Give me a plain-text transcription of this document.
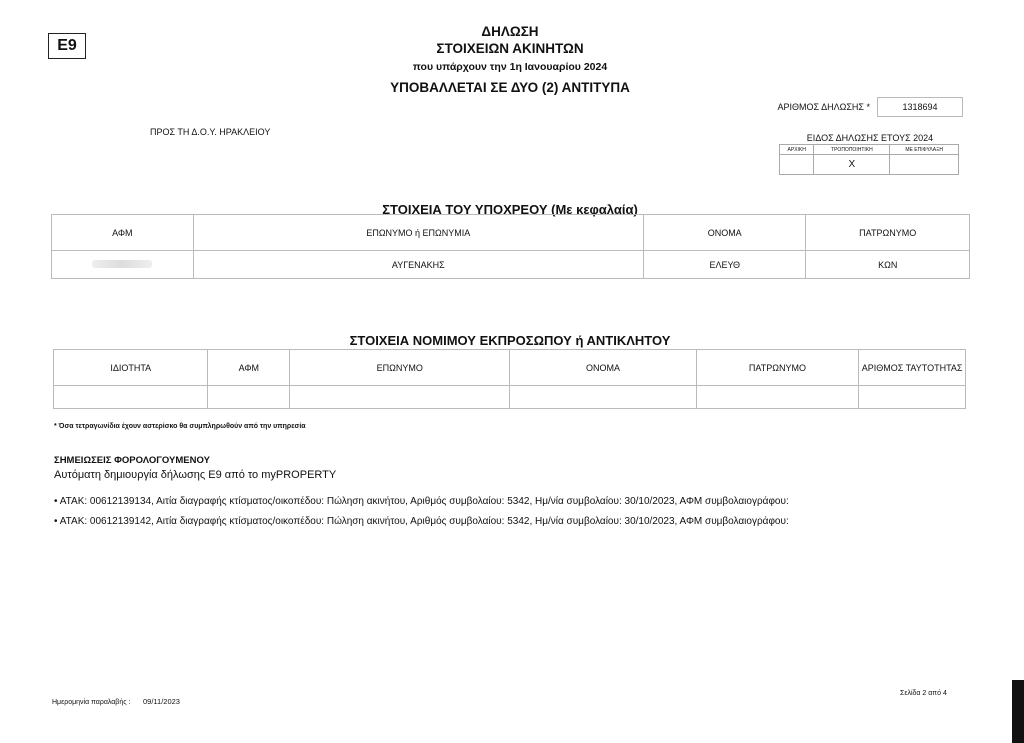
E9
ΔΗΛΩΣΗ
ΣΤΟΙΧΕΙΩΝ ΑΚΙΝΗΤΩΝ
που υπάρχουν την 1η Ιανουαρίου 2024
ΥΠΟΒΑΛΛΕΤΑΙ ΣΕ ΔΥΟ (2) ΑΝΤΙΤΥΠΑ
ΑΡΙΘΜΟΣ ΔΗΛΩΣΗΣ *	1318694
ΠΡΟΣ ΤΗ Δ.Ο.Υ. ΗΡΑΚΛΕΙΟΥ
ΕΙΔΟΣ ΔΗΛΩΣΗΣ ΕΤΟΥΣ 2024
ΑΡΧΙΚΗ	ΤΡΟΠΟΠΟΙΗΤΙΚΗ	ΜΕ ΕΠΙΦΥΛΑΞΗ
	X	
ΣΤΟΙΧΕΙΑ ΤΟΥ ΥΠΟΧΡΕΟΥ (Με κεφαλαία)
ΑΦΜ	ΕΠΩΝΥΜΟ ή ΕΠΩΝΥΜΙΑ	ΟΝΟΜΑ	ΠΑΤΡΩΝΥΜΟ
	ΑΥΓΕΝΑΚΗΣ	ΕΛΕΥΘ	ΚΩΝ
ΣΤΟΙΧΕΙΑ ΝΟΜΙΜΟΥ ΕΚΠΡΟΣΩΠΟΥ ή ΑΝΤΙΚΛΗΤΟΥ
ΙΔΙΟΤΗΤΑ	ΑΦΜ	ΕΠΩΝΥΜΟ	ΟΝΟΜΑ	ΠΑΤΡΩΝΥΜΟ	ΑΡΙΘΜΟΣ ΤΑΥΤΟΤΗΤΑΣ

* Όσα τετραγωνίδια έχουν αστερίσκο θα συμπληρωθούν από την υπηρεσία
ΣΗΜΕΙΩΣΕΙΣ ΦΟΡΟΛΟΓΟΥΜΕΝΟΥ
Αυτόματη δημιουργία δήλωσης Ε9 από το myPROPERTY
• ΑΤΑΚ: 00612139134, Αιτία διαγραφής κτίσματος/οικοπέδου: Πώληση ακινήτου, Αριθμός συμβολαίου: 5342, Ημ/νία συμβολαίου: 30/10/2023, ΑΦΜ συμβολαιογράφου:
• ΑΤΑΚ: 00612139142, Αιτία διαγραφής κτίσματος/οικοπέδου: Πώληση ακινήτου, Αριθμός συμβολαίου: 5342, Ημ/νία συμβολαίου: 30/10/2023, ΑΦΜ συμβολαιογράφου:
Ημερομηνία παραλαβής : 09/11/2023
Σελίδα 2 από 4
